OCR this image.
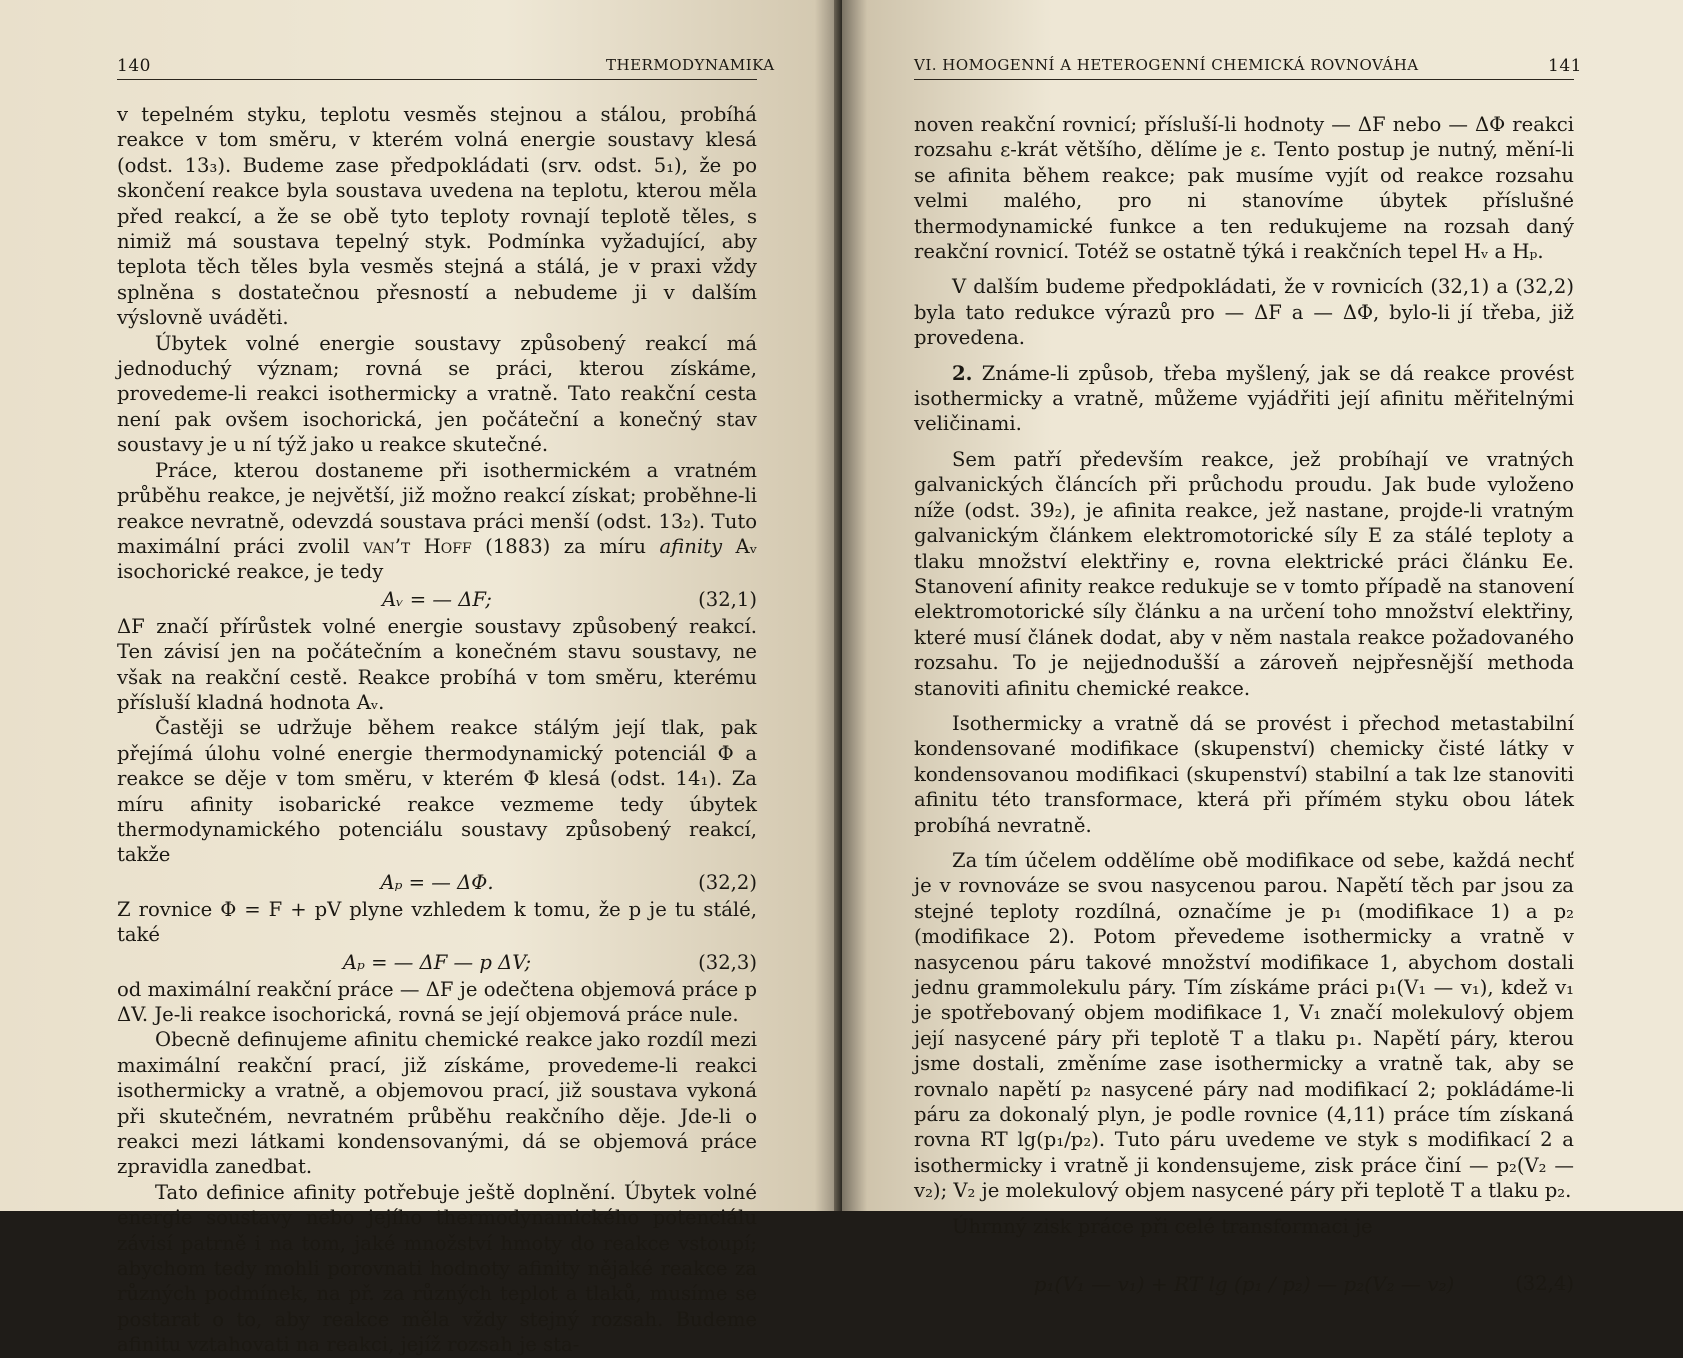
140	THERMODYNAMIKA

v tepelném styku, teplotu vesměs stejnou a stálou, probíhá reakce v tom směru, v kterém volná energie soustavy klesá (odst. 13₃). Budeme zase předpokládati (srv. odst. 5₁), že po skončení reakce byla soustava uvedena na teplotu, kterou měla před reakcí, a že se obě tyto teploty rovnají teplotě těles, s nimiž má soustava tepelný styk. Podmínka vyžadující, aby teplota těch těles byla vesměs stejná a stálá, je v praxi vždy splněna s dostatečnou přesností a nebudeme ji v dalším výslovně uváděti.

Úbytek volné energie soustavy způsobený reakcí má jednoduchý význam; rovná se práci, kterou získáme, provedeme-li reakci isothermicky a vratně. Tato reakční cesta není pak ovšem isochorická, jen počáteční a konečný stav soustavy je u ní týž jako u reakce skutečné.

Práce, kterou dostaneme při isothermickém a vratném průběhu reakce, je největší, již možno reakcí získat; proběhne-li reakce nevratně, odevzdá soustava práci menší (odst. 13₂). Tuto maximální práci zvolil van’t Hoff (1883) za míru afinity Aᵥ isochorické reakce, je tedy

Aᵥ = — ΔF;	(32,1)

ΔF značí přírůstek volné energie soustavy způsobený reakcí. Ten závisí jen na počátečním a konečném stavu soustavy, ne však na reakční cestě. Reakce probíhá v tom směru, kterému přísluší kladná hodnota Aᵥ.

Častěji se udržuje během reakce stálým její tlak, pak přejímá úlohu volné energie thermodynamický potenciál Φ a reakce se děje v tom směru, v kterém Φ klesá (odst. 14₁). Za míru afinity isobarické reakce vezmeme tedy úbytek thermodynamického potenciálu soustavy způsobený reakcí, takže

Aₚ = — ΔΦ.	(32,2)

Z rovnice Φ = F + pV plyne vzhledem k tomu, že p je tu stálé, také

Aₚ = — ΔF — p ΔV;	(32,3)

od maximální reakční práce — ΔF je odečtena objemová práce p ΔV. Je-li reakce isochorická, rovná se její objemová práce nule.

Obecně definujeme afinitu chemické reakce jako rozdíl mezi maximální reakční prací, již získáme, provedeme-li reakci isothermicky a vratně, a objemovou prací, již soustava vykoná při skutečném, nevratném průběhu reakčního děje. Jde-li o reakci mezi látkami kondensovanými, dá se objemová práce zpravidla zanedbat.

Tato definice afinity potřebuje ještě doplnění. Úbytek volné energie soustavy nebo jejího thermodynamického potenciálu závisí patrně i na tom, jaké množství hmoty do reakce vstoupí; abychom tedy mohli porovnati hodnoty afinity nějaké reakce za různých podmínek, na př. za různých teplot a tlaků, musíme se postarat o to, aby reakce měla vždy stejný rozsah. Budeme afinitu vztahovati na reakci, jejíž rozsah je sta-

VI. HOMOGENNÍ A HETEROGENNÍ CHEMICKÁ ROVNOVÁHA	141

noven reakční rovnicí; přísluší-li hodnoty — ΔF nebo — ΔΦ reakci rozsahu ε-krát většího, dělíme je ε. Tento postup je nutný, mění-li se afinita během reakce; pak musíme vyjít od reakce rozsahu velmi malého, pro ni stanovíme úbytek příslušné thermodynamické funkce a ten redukujeme na rozsah daný reakční rovnicí. Totéž se ostatně týká i reakčních tepel Hᵥ a Hₚ.

V dalším budeme předpokládati, že v rovnicích (32,1) a (32,2) byla tato redukce výrazů pro — ΔF a — ΔΦ, bylo-li jí třeba, již provedena.

2. Známe-li způsob, třeba myšlený, jak se dá reakce provést isothermicky a vratně, můžeme vyjádřiti její afinitu měřitelnými veličinami.

Sem patří především reakce, jež probíhají ve vratných galvanických článcích při průchodu proudu. Jak bude vyloženo níže (odst. 39₂), je afinita reakce, jež nastane, projde-li vratným galvanickým článkem elektromotorické síly E za stálé teploty a tlaku množství elektřiny e, rovna elektrické práci článku Ee. Stanovení afinity reakce redukuje se v tomto případě na stanovení elektromotorické síly článku a na určení toho množství elektřiny, které musí článek dodat, aby v něm nastala reakce požadovaného rozsahu. To je nejjednodušší a zároveň nejpřesnější methoda stanoviti afinitu chemické reakce.

Isothermicky a vratně dá se provést i přechod metastabilní kondensované modifikace (skupenství) chemicky čisté látky v kondensovanou modifikaci (skupenství) stabilní a tak lze stanoviti afinitu této transformace, která při přímém styku obou látek probíhá nevratně.

Za tím účelem oddělíme obě modifikace od sebe, každá nechť je v rovnováze se svou nasycenou parou. Napětí těch par jsou za stejné teploty rozdílná, označíme je p₁ (modifikace 1) a p₂ (modifikace 2). Potom převedeme isothermicky a vratně v nasycenou páru takové množství modifikace 1, abychom dostali jednu grammolekulu páry. Tím získáme práci p₁(V₁ — v₁), kdež v₁ je spotřebovaný objem modifikace 1, V₁ značí molekulový objem její nasycené páry při teplotě T a tlaku p₁. Napětí páry, kterou jsme dostali, změníme zase isothermicky a vratně tak, aby se rovnalo napětí p₂ nasycené páry nad modifikací 2; pokládáme-li páru za dokonalý plyn, je podle rovnice (4,11) práce tím získaná rovna RT lg(p₁/p₂). Tuto páru uvedeme ve styk s modifikací 2 a isothermicky i vratně ji kondensujeme, zisk práce činí — p₂(V₂ — v₂); V₂ je molekulový objem nasycené páry při teplotě T a tlaku p₂.

Úhrnný zisk práce při celé transformaci je

p₁(V₁ — v₁) + RT lg (p₁ / p₂) — p₂(V₂ — v₂)	(32,4)
